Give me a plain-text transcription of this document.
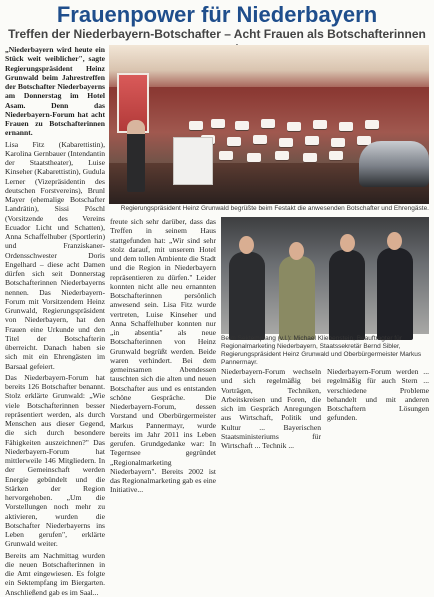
Frauenpower für Niederbayern
Treffen der Niederbayern-Botschafter – Acht Frauen als Botschafterinnen

„Niederbayern wird heute ein Stück weit weiblicher", sagte Regierungspräsident Heinz Grunwald beim Jahrestreffen der Botschafter Niederbayerns am Donnerstag im Hotel Asam. Denn das Niederbayern-Forum hat acht Frauen zu Botschafterinnen ernannt.

Lisa Fitz (Kabarettistin), Karolina Gernbauer (Intendantin der Staatstheater), Luise Kinseher (Kabarettistin), Gudula Lerner (Vizepräsidentin des deutschen Forstvereins), Brunl Mayer (ehemalige Botschafter Landrätin), Sissi Pöschl (Vorsitzende des Vereins Ecuador Licht und Schatten), Anna Schaffelhuber (Sportlerin) und Franziskaner-Ordensschwester Doris Engelhard – diese acht Damen dürfen sich seit Donnerstag Botschafterinnen Niederbayerns nennen. Das Niederbayern-Forum mit Vorsitzendem Heinz Grunwald, Regierungspräsident von Niederbayern, hat den Frauen eine Urkunde und den Titel der Botschafterin überreicht. Danach haben sie sich mit ein Ehrengästen im Barsaal gefeiert.

Das Niederbayern-Forum hat bereits 126 Botschafter benannt. Stolz erklärte Grunwald: „Wie viele Botschafterinnen besser repräsentiert werden, als durch Menschen aus dieser Gegend, die sich durch besondere Fähigkeiten auszeichnen?" Das Niederbayern-Forum hat mittlerweile 146 Mitgliedern. In der Gemeinschaft werden Energie gebündelt und die Stärken der Region hervorgehoben. „Um die Vorstellungen noch mehr zu aktivieren, wurden die Botschafter Niederbayerns ins Leben gerufen", erklärte Grunwald weiter.

Bereits am Nachmittag wurden die neuen Botschafterinnen in die Amt eingewiesen. Es folgte ein Sektempfang im Biergarten. Anschließend gab es im Saal...

Regierungspräsident Heinz Grunwald begrüßte beim Festakt die anwesenden Botschafter und Ehrengäste.

freute sich sehr darüber, dass das Treffen in seinem Haus stattgefunden hat: „Wir sind sehr stolz darauf, mit unserem Hotel und dem tollen Ambiente die Stadt und die Region in Niederbayern repräsentieren zu dürfen." Leider konnten nicht alle neu ernannten Botschafterinnen persönlich anwesend sein. Lisa Fitz wurde vertreten, Luise Kinseher und Anna Schaffelhuber konnten nur „in absentia" als neue Botschafterinnen von Heinz Grunwald begrüßt werden. Beide waren verhindert. Bei dem gemeinsamen Abendessen tauschten sich die alten und neuen Botschafter aus und es entstanden schöne Gespräche. Die Niederbayern-Forum, dessen Vorstand und Oberbürgermeister Markus Pannermayr, wurde bereits im Jahr 2011 ins Leben gerufen. Grundgedanke war: In Tegernsee gegründet „Regionalmarketing Niederbayern". Bereits 2002 ist das Regionalmarketing gab es eine Initiative...

Beim Sektempfang (v.l.): Michael Kliebenstein, Beauftragter für Regionalmarketing Niederbayern, Staatssekretär Bernd Sibler, Regierungspräsident Heinz Grunwald und Oberbürgermeister Markus Pannermayr.

Niederbayern-Forum wechseln und sich regelmäßig bei Vorträgen, Techniken, Arbeitskreisen und Foren, die sich im Gespräch Anregungen aus Wirtschaft, Politik und Kultur ... Bayerischen Staatsministeriums für Wirtschaft ... Technik ...

Niederbayern-Forum werden ... regelmäßig für auch Stern ... verschiedene Probleme behandelt und mit anderen Botschaftern Lösungen gefunden.
